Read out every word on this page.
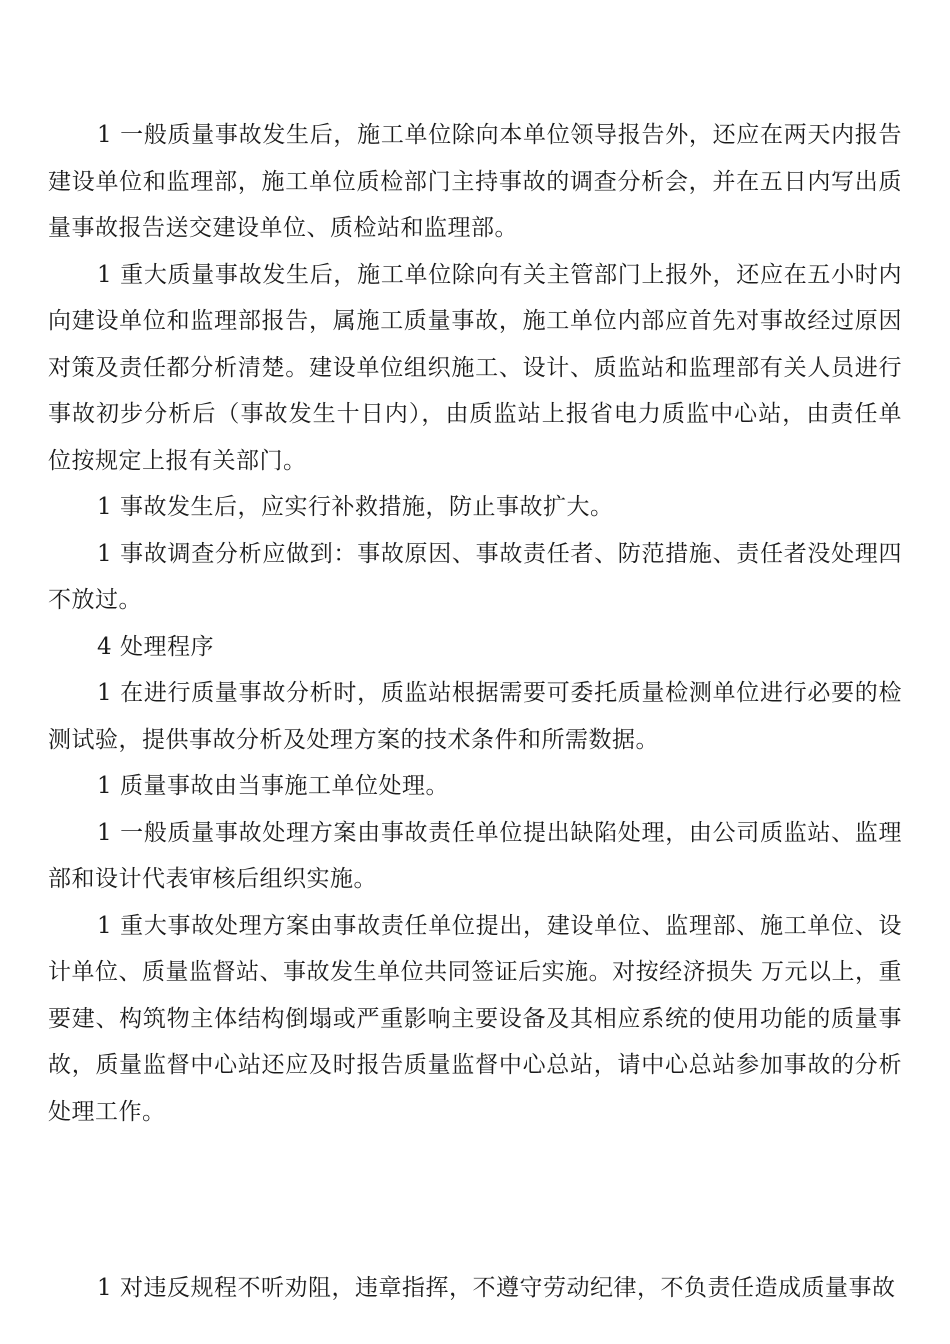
1 一般质量事故发生后，施工单位除向本单位领导报告外，还应在两天内报告建设单位和监理部，施工单位质检部门主持事故的调查分析会，并在五日内写出质量事故报告送交建设单位、质检站和监理部。

1 重大质量事故发生后，施工单位除向有关主管部门上报外，还应在五小时内向建设单位和监理部报告，属施工质量事故，施工单位内部应首先对事故经过原因对策及责任都分析清楚。建设单位组织施工、设计、质监站和监理部有关人员进行事故初步分析后（事故发生十日内），由质监站上报省电力质监中心站，由责任单位按规定上报有关部门。

1 事故发生后，应实行补救措施，防止事故扩大。

1 事故调查分析应做到：事故原因、事故责任者、防范措施、责任者没处理四不放过。

4 处理程序

1 在进行质量事故分析时，质监站根据需要可委托质量检测单位进行必要的检测试验，提供事故分析及处理方案的技术条件和所需数据。

1 质量事故由当事施工单位处理。

1 一般质量事故处理方案由事故责任单位提出缺陷处理，由公司质监站、监理部和设计代表审核后组织实施。

1 重大事故处理方案由事故责任单位提出，建设单位、监理部、施工单位、设计单位、质量监督站、事故发生单位共同签证后实施。对按经济损失 万元以上，重要建、构筑物主体结构倒塌或严重影响主要设备及其相应系统的使用功能的质量事故，质量监督中心站还应及时报告质量监督中心总站，请中心总站参加事故的分析处理工作。

1 对违反规程不听劝阻，违章指挥，不遵守劳动纪律，不负责任造成质量事故
